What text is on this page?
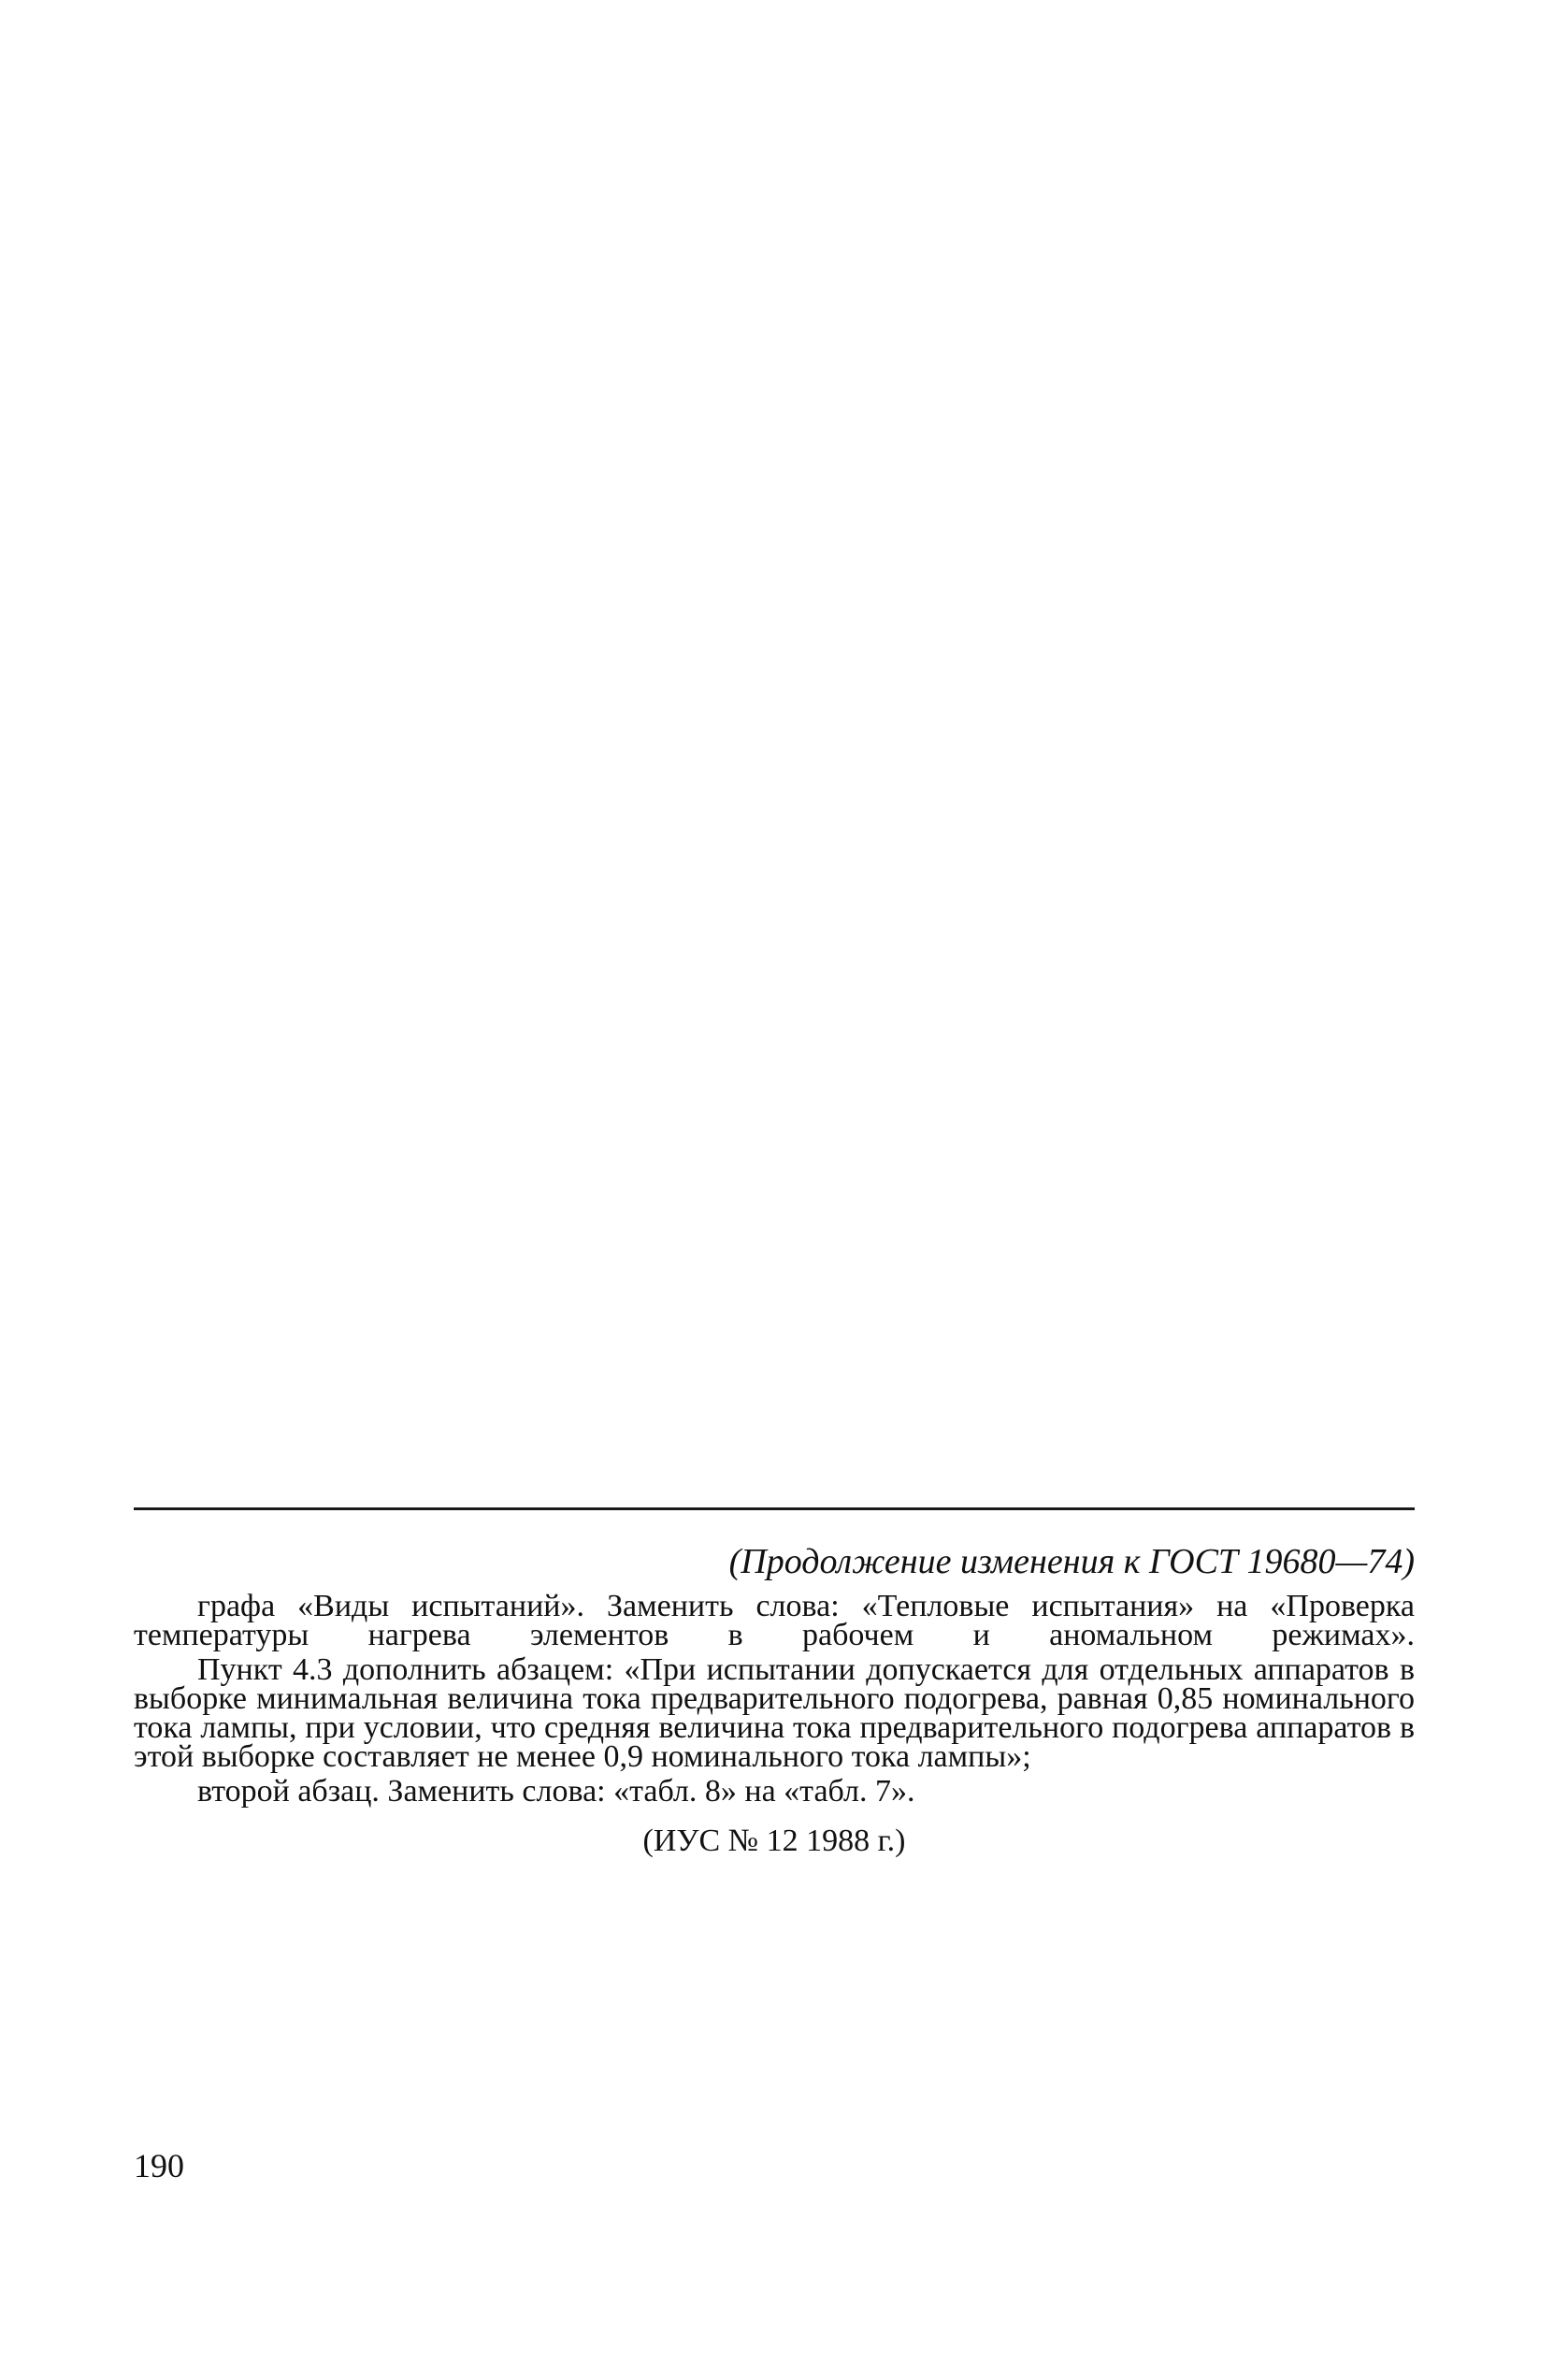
(Продолжение изменения к ГОСТ 19680—74)

графа «Виды испытаний». Заменить слова: «Тепловые испытания» на «Проверка температуры нагрева элементов в рабочем и аномальном режимах».

Пункт 4.3 дополнить абзацем: «При испытании допускается для отдельных аппаратов в выборке минимальная величина тока предварительного подогрева, равная 0,85 номинального тока лампы, при условии, что средняя величина тока предварительного подогрева аппаратов в этой выборке составляет не менее 0,9 номинального тока лампы»;

второй абзац. Заменить слова: «табл. 8» на «табл. 7».

(ИУС № 12 1988 г.)

190
